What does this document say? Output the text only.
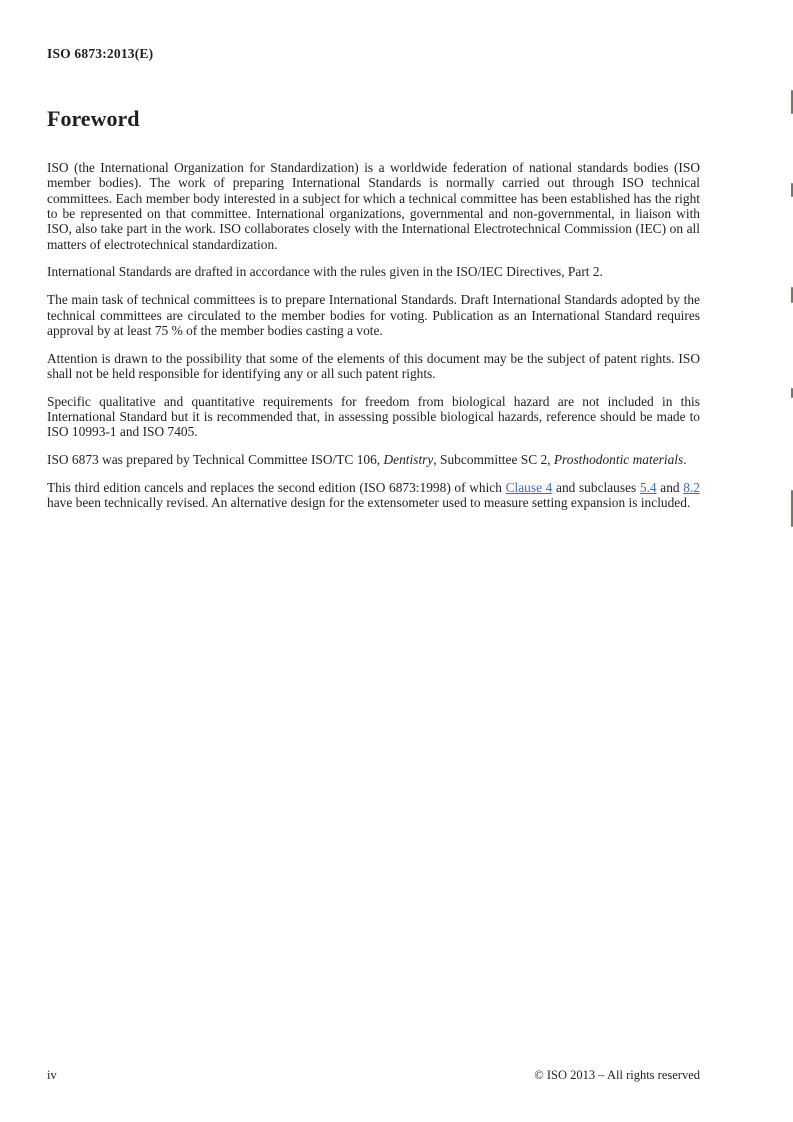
ISO 6873:2013(E)
Foreword

ISO (the International Organization for Standardization) is a worldwide federation of national standards bodies (ISO member bodies). The work of preparing International Standards is normally carried out through ISO technical committees. Each member body interested in a subject for which a technical committee has been established has the right to be represented on that committee. International organizations, governmental and non-governmental, in liaison with ISO, also take part in the work. ISO collaborates closely with the International Electrotechnical Commission (IEC) on all matters of electrotechnical standardization.

International Standards are drafted in accordance with the rules given in the ISO/IEC Directives, Part 2.

The main task of technical committees is to prepare International Standards. Draft International Standards adopted by the technical committees are circulated to the member bodies for voting. Publication as an International Standard requires approval by at least 75 % of the member bodies casting a vote.

Attention is drawn to the possibility that some of the elements of this document may be the subject of patent rights. ISO shall not be held responsible for identifying any or all such patent rights.

Specific qualitative and quantitative requirements for freedom from biological hazard are not included in this International Standard but it is recommended that, in assessing possible biological hazards, reference should be made to ISO 10993-1 and ISO 7405.

ISO 6873 was prepared by Technical Committee ISO/TC 106, Dentistry, Subcommittee SC 2, Prosthodontic materials.

This third edition cancels and replaces the second edition (ISO 6873:1998) of which Clause 4 and subclauses 5.4 and 8.2 have been technically revised. An alternative design for the extensometer used to measure setting expansion is included.

iv	© ISO 2013 – All rights reserved
